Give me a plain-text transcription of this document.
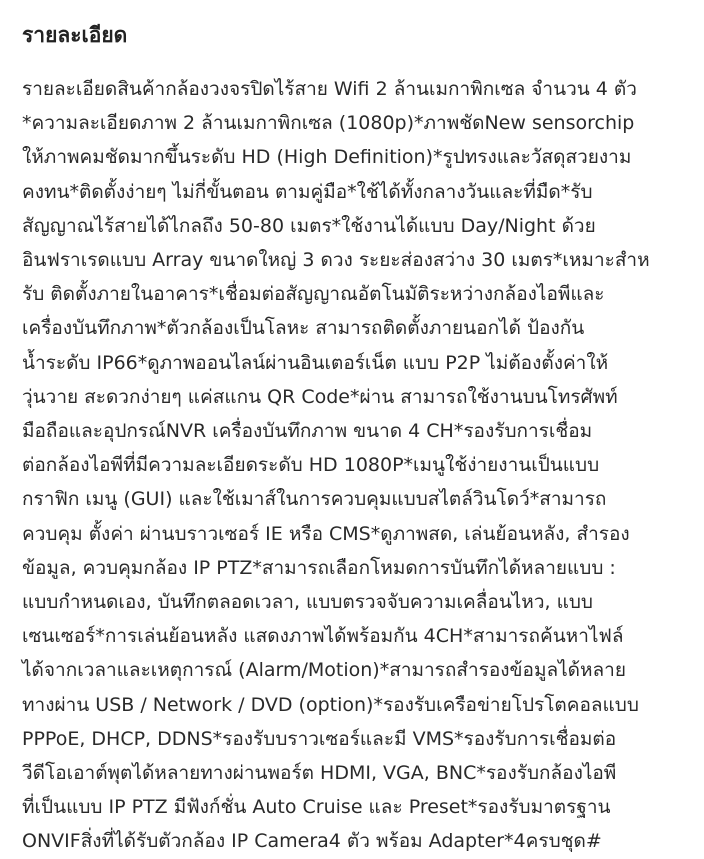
รายละเอียด
รายละเอียดสินค้ากล้องวงจรปิดไร้สาย Wifi 2 ล้านเมกาพิกเซล จำนวน 4 ตัว
*ความละเอียดภาพ 2 ล้านเมกาพิกเซล (1080p)*ภาพชัดNew sensorchip
ให้ภาพคมชัดมากขึ้นระดับ HD (High Definition)*รูปทรงและวัสดุสวยงาม
คงทน*ติดตั้งง่ายๆ ไม่กี่ขั้นตอน ตามคู่มือ*ใช้ได้ทั้งกลางวันและที่มืด*รับ
สัญญาณไร้สายได้ไกลถึง 50-80 เมตร*ใช้งานได้แบบ Day/Night ด้วย
อินฟราเรดแบบ Array ขนาดใหญ่ 3 ดวง ระยะส่องสว่าง 30 เมตร*เหมาะสำห
รับ ติดตั้งภายในอาคาร*เชื่อมต่อสัญญาณอัตโนมัติระหว่างกล้องไอพีและ
เครื่องบันทึกภาพ*ตัวกล้องเป็นโลหะ สามารถติดตั้งภายนอกได้ ป้องกัน
น้ำระดับ IP66*ดูภาพออนไลน์ผ่านอินเตอร์เน็ต แบบ P2P ไม่ต้องตั้งค่าให้
วุ่นวาย สะดวกง่ายๆ แค่สแกน QR Code*ผ่าน สามารถใช้งานบนโทรศัพท์
มือถือและอุปกรณ์NVR เครื่องบันทึกภาพ ขนาด 4 CH*รองรับการเชื่อม
ต่อกล้องไอพีที่มีความละเอียดระดับ HD 1080P*เมนูใช้ง่ายงานเป็นแบบ
กราฟิก เมนู (GUI) และใช้เมาส์ในการควบคุมแบบสไตล์วินโดว์*สามารถ
ควบคุม ตั้งค่า ผ่านบราวเซอร์ IE หรือ CMS*ดูภาพสด, เล่นย้อนหลัง, สำรอง
ข้อมูล, ควบคุมกล้อง IP PTZ*สามารถเลือกโหมดการบันทึกได้หลายแบบ :
แบบกำหนดเอง, บันทึกตลอดเวลา, แบบตรวจจับความเคลื่อนไหว, แบบ
เซนเซอร์*การเล่นย้อนหลัง แสดงภาพได้พร้อมกัน 4CH*สามารถค้นหาไฟล์
ได้จากเวลาและเหตุการณ์ (Alarm/Motion)*สามารถสำรองข้อมูลได้หลาย
ทางผ่าน USB / Network / DVD (option)*รองรับเครือข่ายโปรโตคอลแบบ
PPPoE, DHCP, DDNS*รองรับบราวเซอร์และมี VMS*รองรับการเชื่อมต่อ
วีดีโอเอาต์พุตได้หลายทางผ่านพอร์ต HDMI, VGA, BNC*รองรับกล้องไอพี
ที่เป็นแบบ IP PTZ มีฟังก์ชั่น Auto Cruise และ Preset*รองรับมาตรฐาน
ONVIFสิ่งที่ได้รับตัวกล้อง IP Camera4 ตัว พร้อม Adapter*4ครบชุด#
